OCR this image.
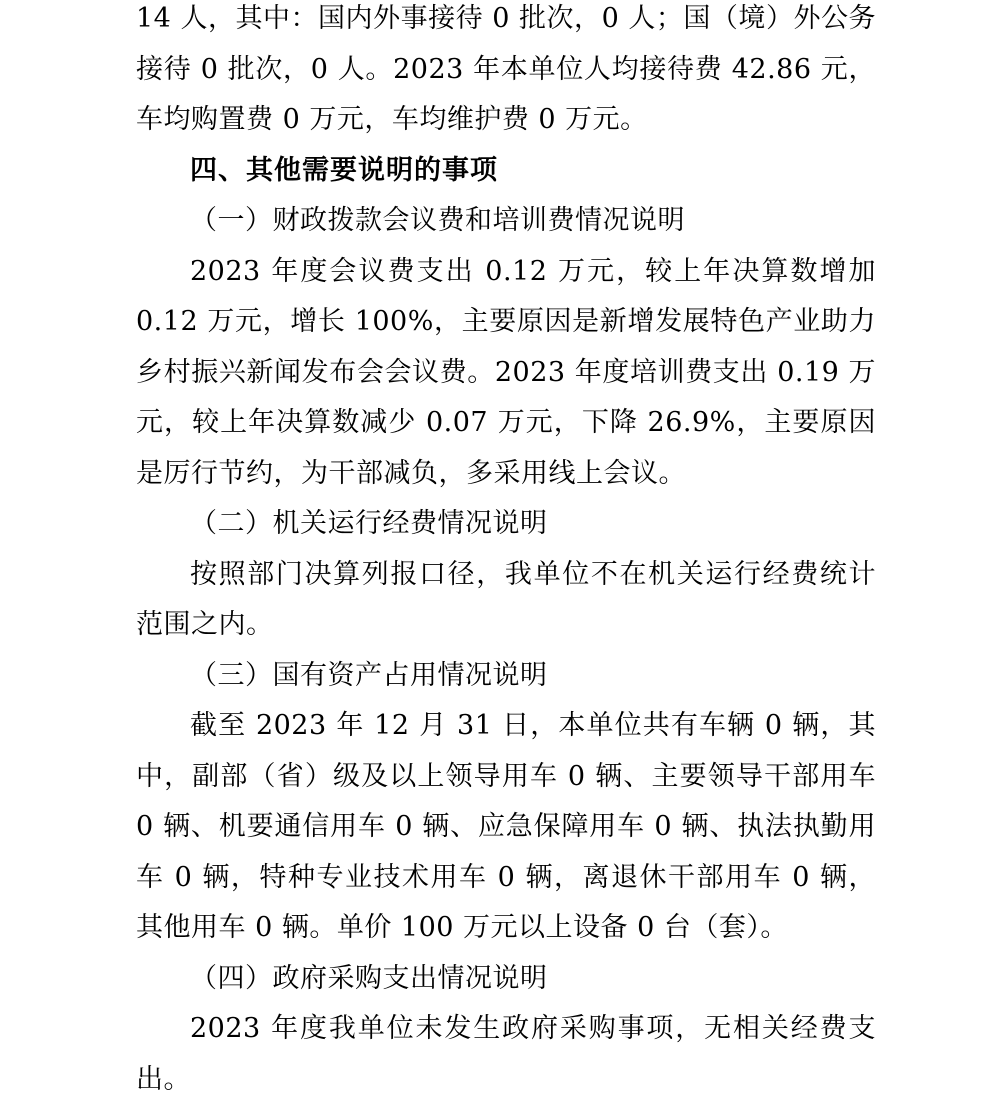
14 人，其中：国内外事接待 0 批次，0 人；国（境）外公务接待 0 批次，0 人。2023 年本单位人均接待费 42.86 元，车均购置费 0 万元，车均维护费 0 万元。

四、其他需要说明的事项

（一）财政拨款会议费和培训费情况说明

2023 年度会议费支出 0.12 万元，较上年决算数增加 0.12 万元，增长 100%，主要原因是新增发展特色产业助力乡村振兴新闻发布会会议费。2023 年度培训费支出 0.19 万元，较上年决算数减少 0.07 万元，下降 26.9%，主要原因是厉行节约，为干部减负，多采用线上会议。

（二）机关运行经费情况说明

按照部门决算列报口径，我单位不在机关运行经费统计范围之内。

（三）国有资产占用情况说明

截至 2023 年 12 月 31 日，本单位共有车辆 0 辆，其中，副部（省）级及以上领导用车 0 辆、主要领导干部用车 0 辆、机要通信用车 0 辆、应急保障用车 0 辆、执法执勤用车 0 辆，特种专业技术用车 0 辆，离退休干部用车 0 辆，其他用车 0 辆。单价 100 万元以上设备 0 台（套）。

（四）政府采购支出情况说明

2023 年度我单位未发生政府采购事项，无相关经费支出。
